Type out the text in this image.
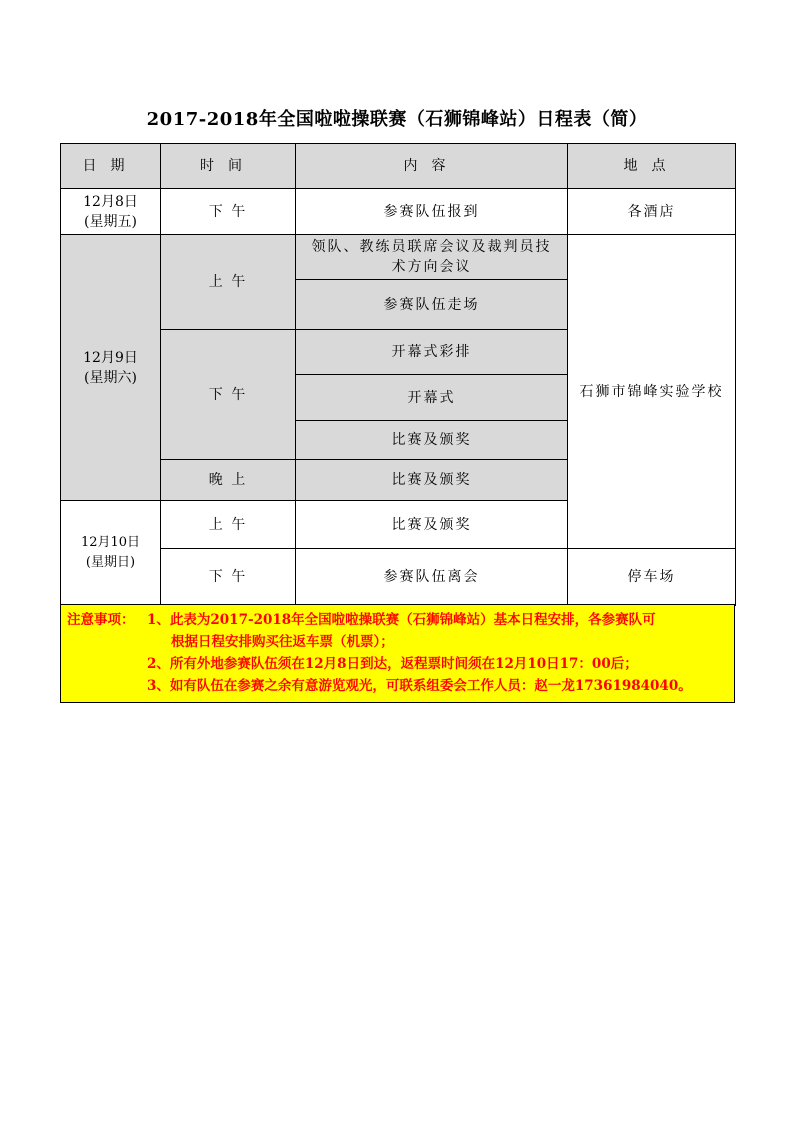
2017-2018年全国啦啦操联赛（石狮锦峰站）日程表（简）
日期	时间	内容	地点

12月8日
(星期五)	下 午	参赛队伍报到	各酒店

12月9日
(星期六)	上 午	领队、教练员联席会议及裁判员技术方向会议	石狮市锦峰实验学校
		参赛队伍走场	
	下 午	开幕式彩排	
		开幕式	
		比赛及颁奖	
	晚 上	比赛及颁奖	

12月10日
(星期日)	上 午	比赛及颁奖	
	下 午	参赛队伍离会	停车场
注意事项： 1、此表为2017-2018年全国啦啦操联赛（石狮锦峰站）基本日程安排，各参赛队可
根据日程安排购买往返车票（机票）；
2、所有外地参赛队伍须在12月8日到达，返程票时间须在12月10日17：00后；
3、如有队伍在参赛之余有意游览观光，可联系组委会工作人员：赵一龙17361984040。
